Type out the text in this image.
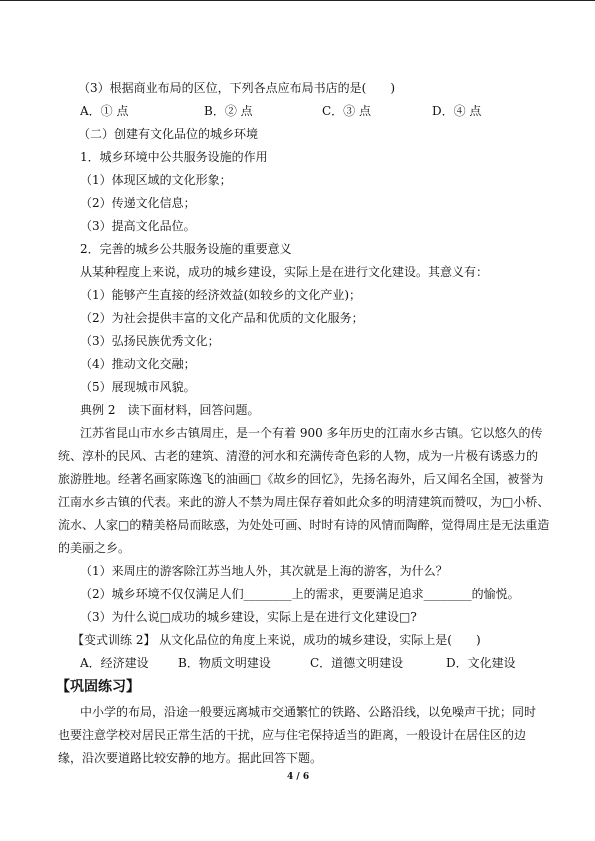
（3）根据商业布局的区位，下列各点应布局书店的是(　　)
A．① 点	B．② 点	C．③ 点	D．④ 点
（二）创建有文化品位的城乡环境
1．城乡环境中公共服务设施的作用
（1）体现区域的文化形象；
（2）传递文化信息；
（3）提高文化品位。
2．完善的城乡公共服务设施的重要意义
从某种程度上来说，成功的城乡建设，实际上是在进行文化建设。其意义有：
（1）能够产生直接的经济效益(如较乡的文化产业)；
（2）为社会提供丰富的文化产品和优质的文化服务；
（3）弘扬民族优秀文化；
（4）推动文化交融；
（5）展现城市风貌。
典例 2　读下面材料，回答问题。
江苏省昆山市水乡古镇周庄，是一个有着 900 多年历史的江南水乡古镇。它以悠久的传
统、淳朴的民风、古老的建筑、清澄的河水和充满传奇色彩的人物，成为一片极有诱惑力的
旅游胜地。经著名画家陈逸飞的油画□《故乡的回忆》，先扬名海外，后又闻名全国，被誉为
江南水乡古镇的代表。来此的游人不禁为周庄保存着如此众多的明清建筑而赞叹，为□小桥、
流水、人家□的精美格局而眩惑，为处处可画、时时有诗的风情而陶醉，觉得周庄是无法重造
的美丽之乡。
（1）来周庄的游客除江苏当地人外，其次就是上海的游客，为什么？
（2）城乡环境不仅仅满足人们________上的需求，更要满足追求________的愉悦。
（3）为什么说□成功的城乡建设，实际上是在进行文化建设□?
【变式训练 2】 从文化品位的角度上来说，成功的城乡建设，实际上是(　　)
A．经济建设 B．物质文明建设	C．道德文明建设	D．文化建设
【巩固练习】
中小学的布局，沿途一般要远离城市交通繁忙的铁路、公路沿线，以免噪声干扰；同时
也要注意学校对居民正常生活的干扰，应与住宅保持适当的距离，一般设计在居住区的边
缘，沿次要道路比较安静的地方。据此回答下题。
4 / 6
